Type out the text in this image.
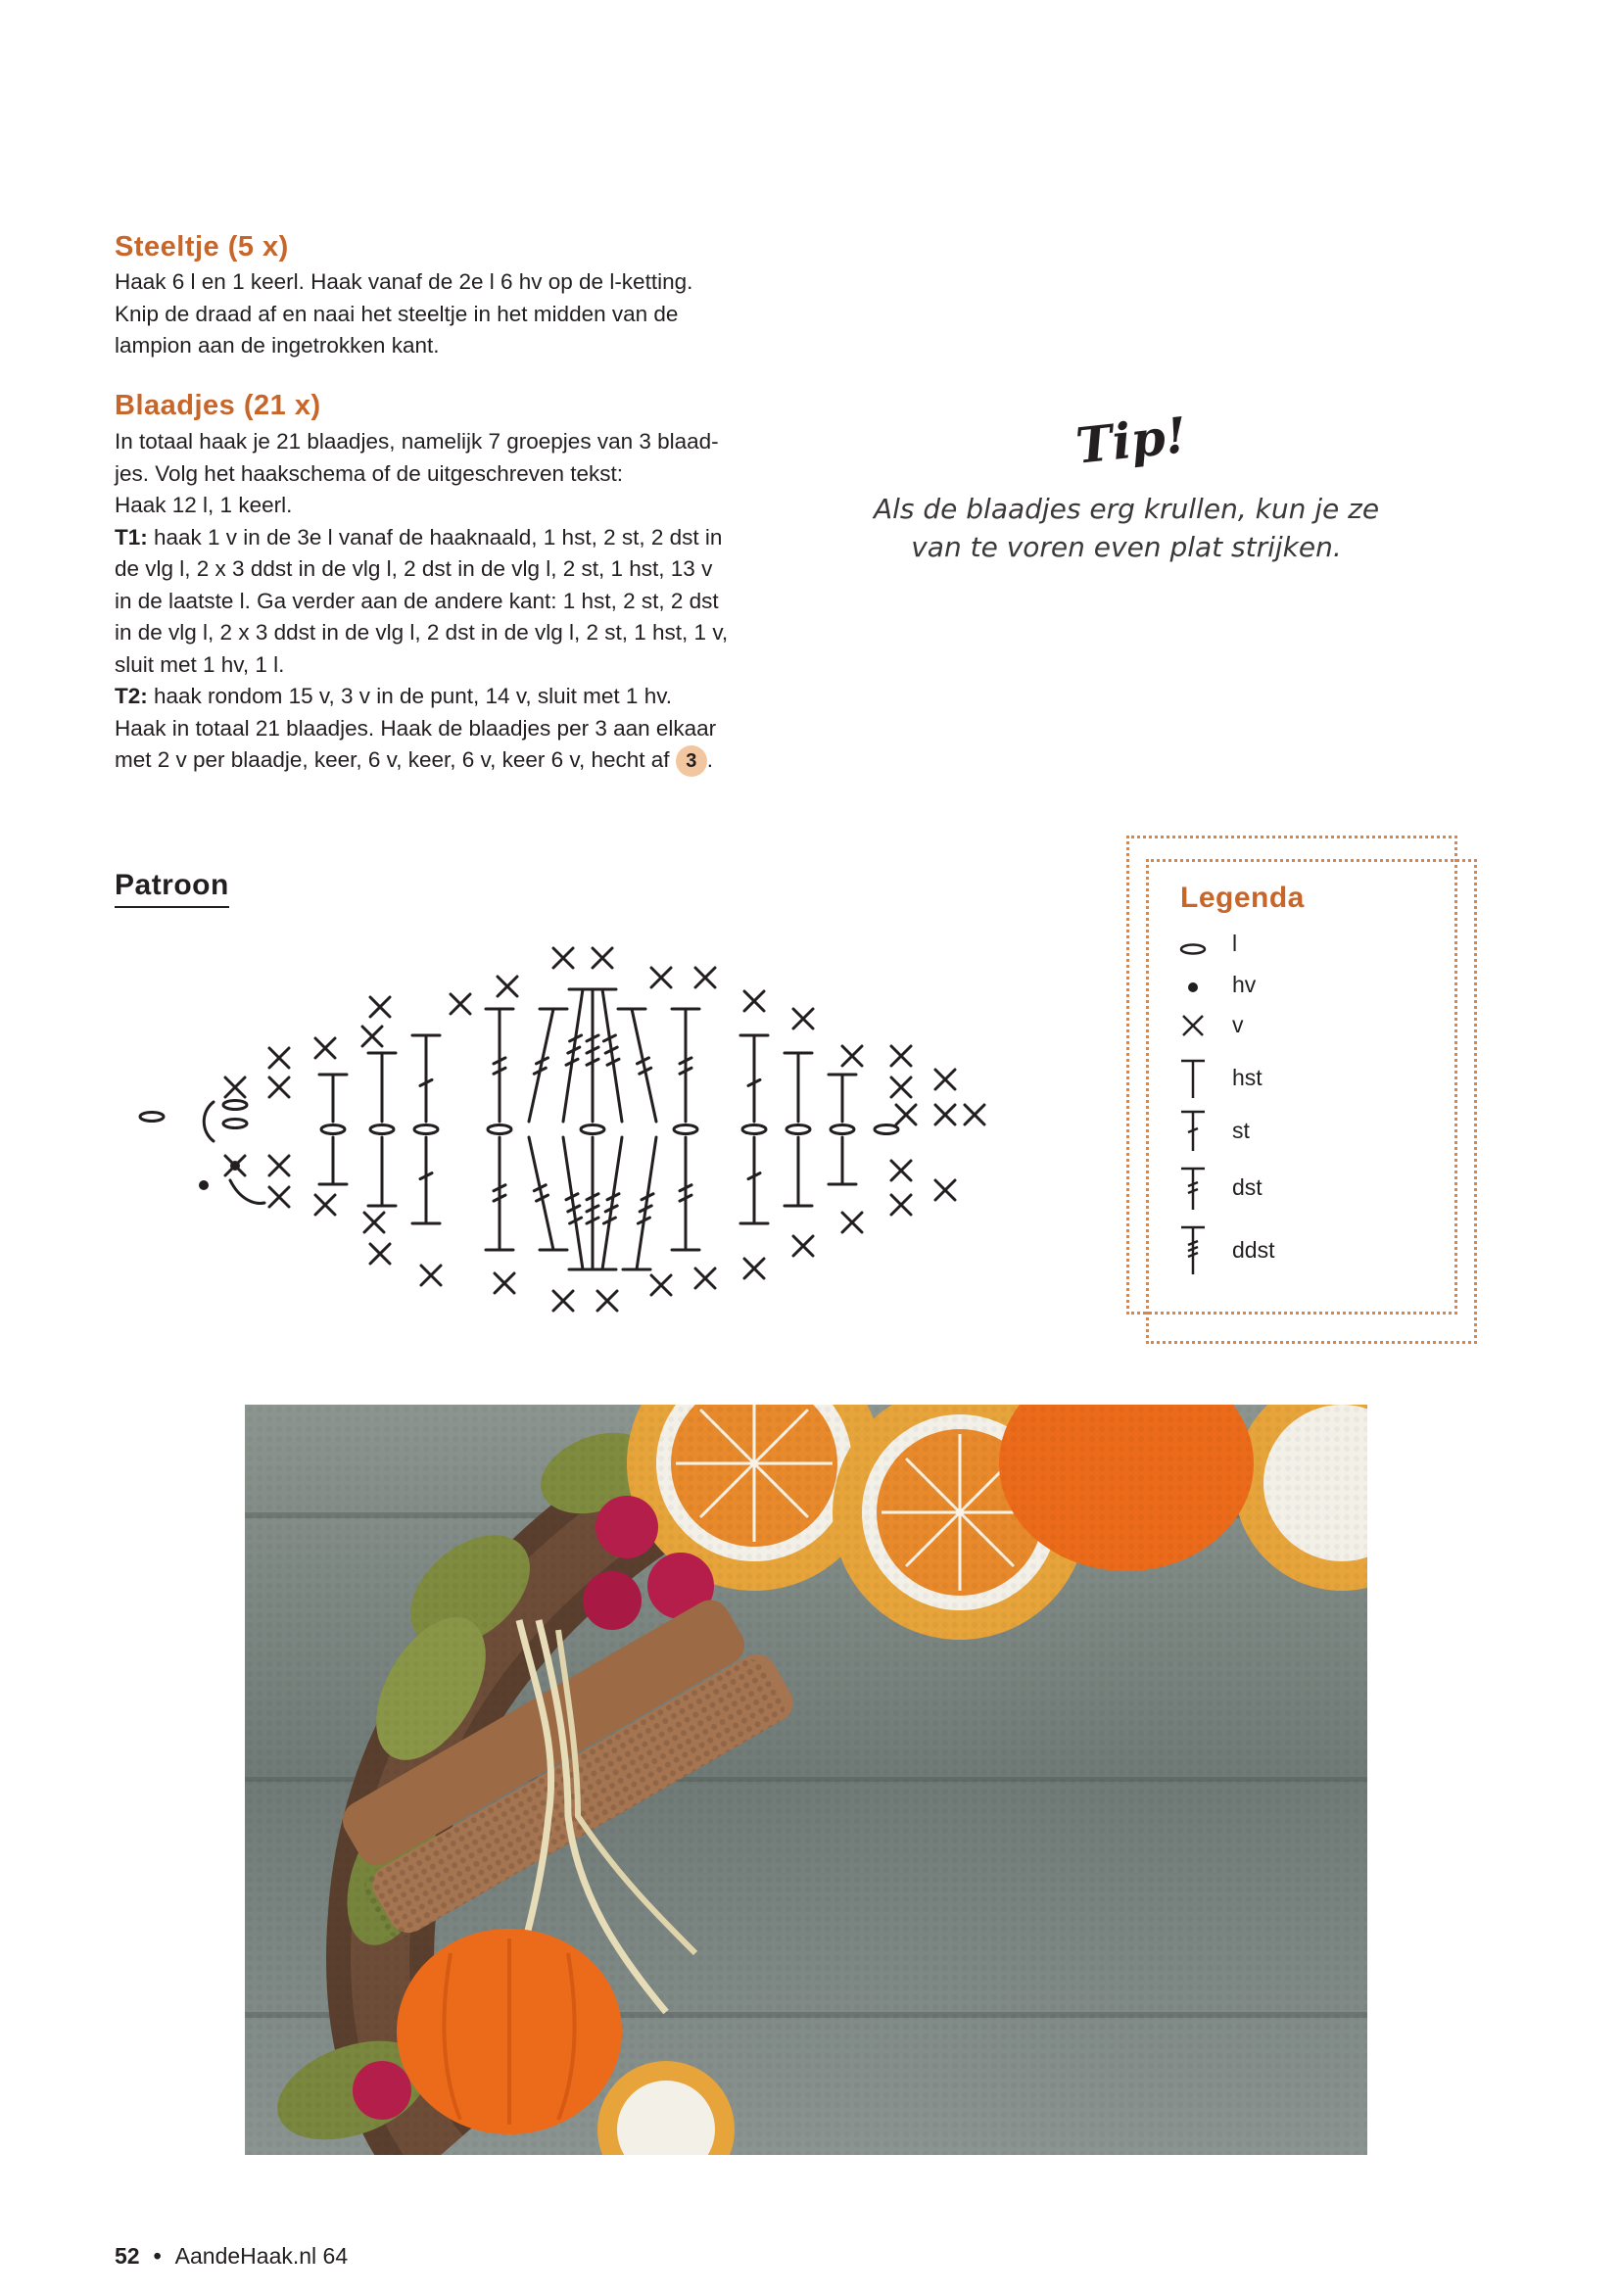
Steeltje (5 x)

Haak 6 l en 1 keerl. Haak vanaf de 2e l 6 hv op de l-ketting.

Knip de draad af en naai het steeltje in het midden van de

lampion aan de ingetrokken kant.

Blaadjes (21 x)

In totaal haak je 21 blaadjes, namelijk 7 groepjes van 3 blaad-

jes. Volg het haakschema of de uitgeschreven tekst:

Haak 12 l, 1 keerl.

T1: haak 1 v in de 3e l vanaf de haaknaald, 1 hst, 2 st, 2 dst in

de vlg l, 2 x 3 ddst in de vlg l, 2 dst in de vlg l, 2 st, 1 hst, 13 v

in de laatste l. Ga verder aan de andere kant: 1 hst, 2 st, 2 dst

in de vlg l, 2 x 3 ddst in de vlg l, 2 dst in de vlg l, 2 st, 1 hst, 1 v,

sluit met 1 hv, 1 l.

T2: haak rondom 15 v, 3 v in de punt, 14 v, sluit met 1 hv.

Haak in totaal 21 blaadjes. Haak de blaadjes per 3 aan elkaar

met 2 v per blaadje, keer, 6 v, keer, 6 v, keer 6 v, hecht af 3 .

Tip!
Als de blaadjes erg krullen, kun je ze
van te voren even plat strijken.
Patroon	Legenda
l
hv
v
hst
st
dst
ddst
52 • AandeHaak.nl 64
